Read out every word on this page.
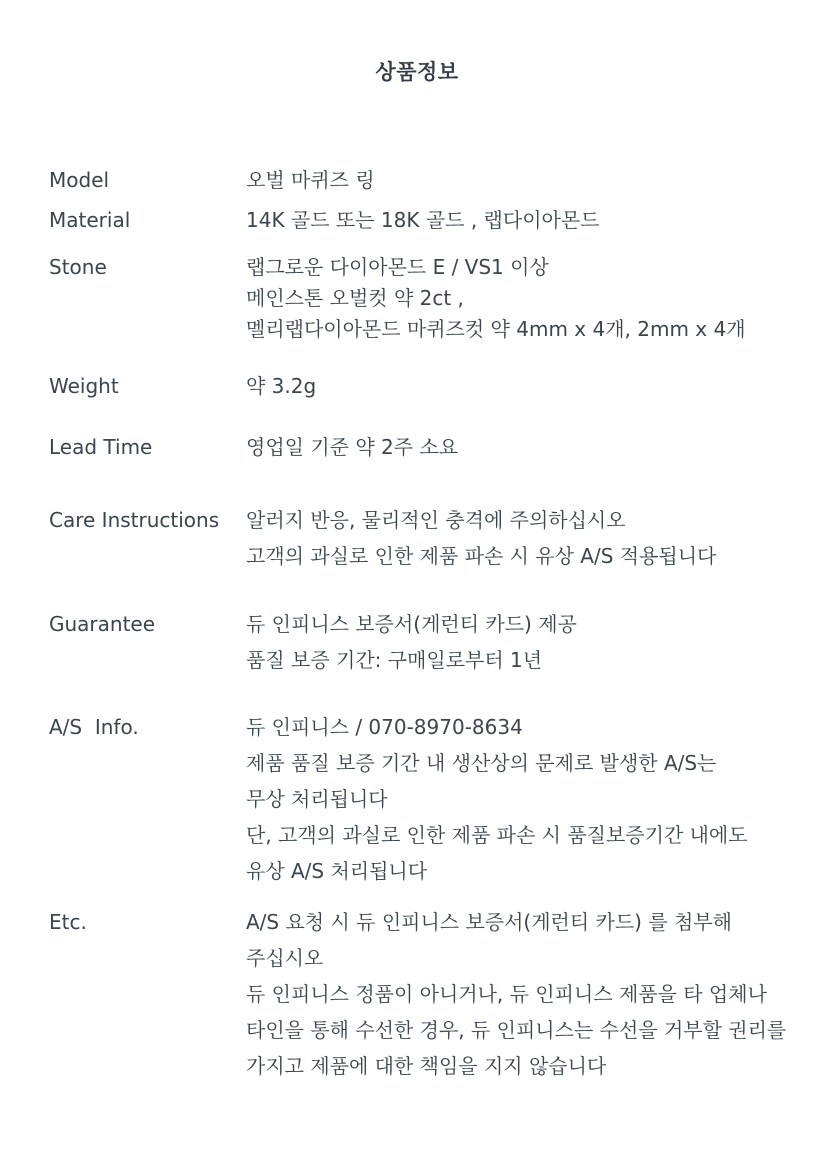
상품정보
Model	오벌 마퀴즈 링
Material	14K 골드 또는 18K 골드 , 랩다이아몬드
Stone	랩그로운 다이아몬드 E / VS1 이상
메인스톤 오벌컷 약 2ct ,
멜리랩다이아몬드 마퀴즈컷 약 4mm x 4개, 2mm x 4개
Weight	약 3.2g
Lead Time	영업일 기준 약 2주 소요
Care Instructions 알러지 반응, 물리적인 충격에 주의하십시오
고객의 과실로 인한 제품 파손 시 유상 A/S 적용됩니다
Guarantee	듀 인피니스 보증서(게런티 카드) 제공
품질 보증 기간: 구매일로부터 1년
A/S  Info.	듀 인피니스 / 070-8970-8634
제품 품질 보증 기간 내 생산상의 문제로 발생한 A/S는
무상 처리됩니다
단, 고객의 과실로 인한 제품 파손 시 품질보증기간 내에도
유상 A/S 처리됩니다
Etc.	A/S 요청 시 듀 인피니스 보증서(게런티 카드) 를 첨부해
주십시오
듀 인피니스 정품이 아니거나, 듀 인피니스 제품을 타 업체나
타인을 통해 수선한 경우, 듀 인피니스는 수선을 거부할 권리를
가지고 제품에 대한 책임을 지지 않습니다
